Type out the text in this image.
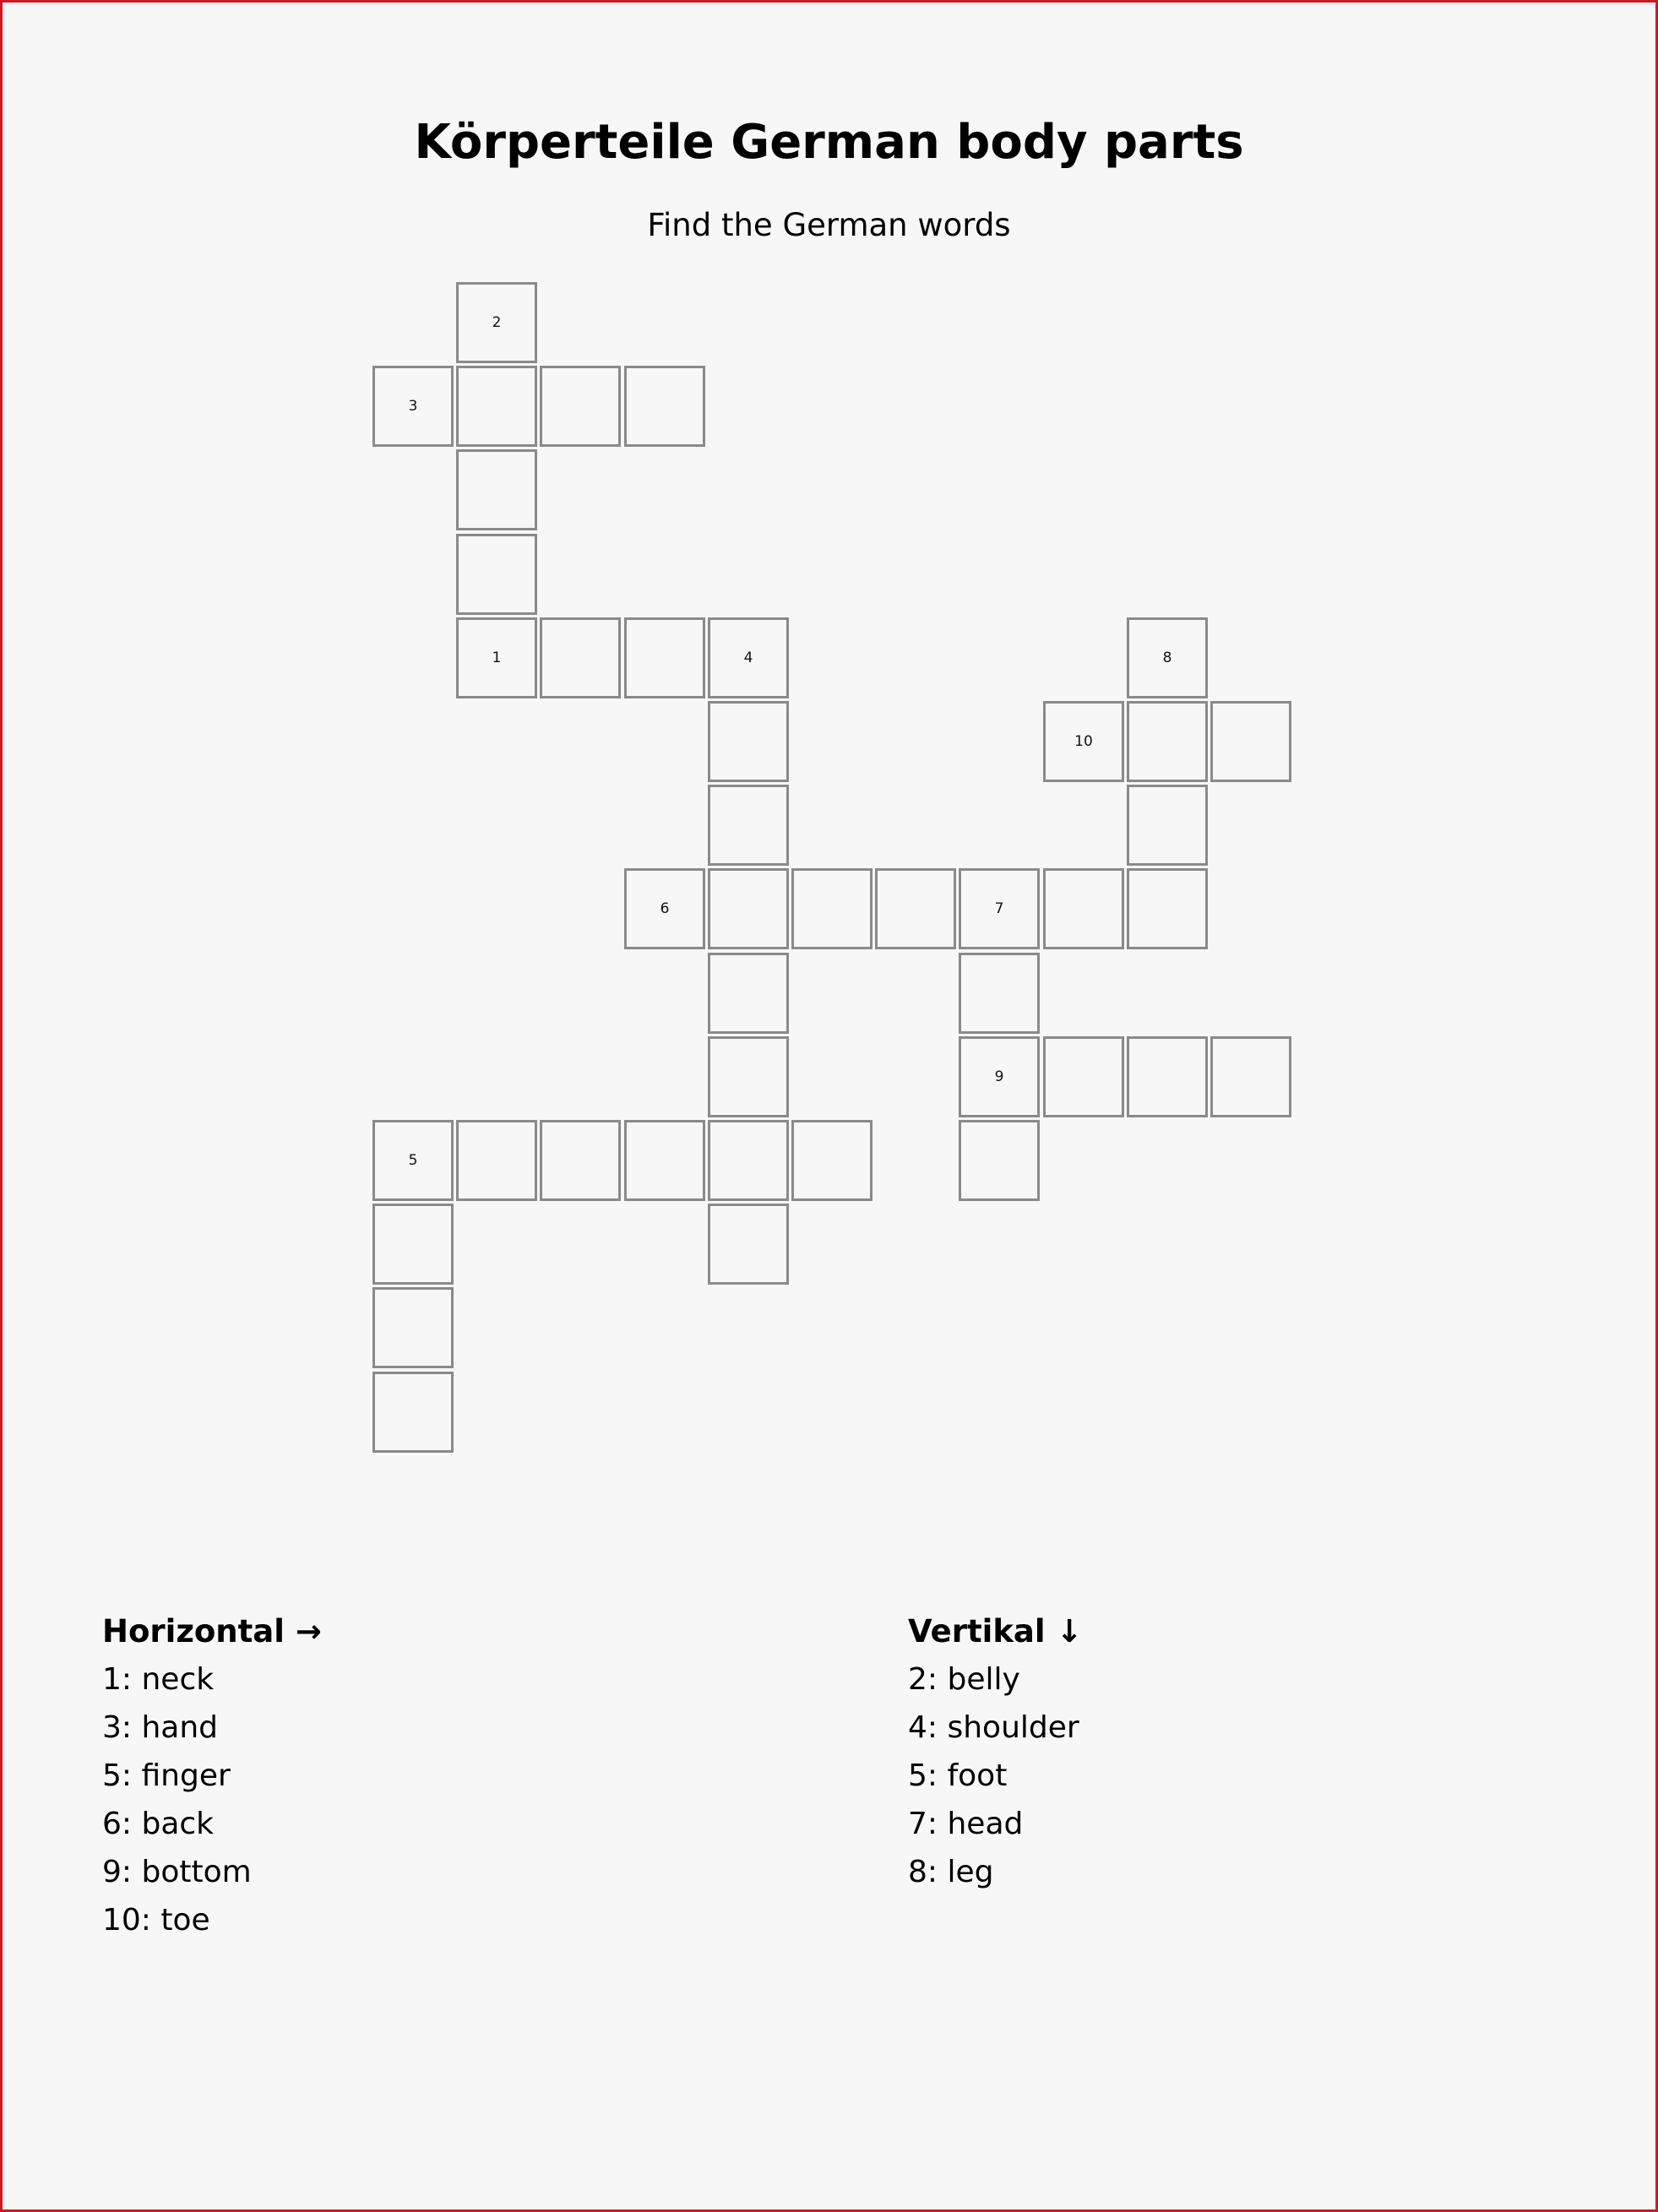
Körperteile German body parts
Find the German words
2
3
1	4	8
10
6	7
9
5
Horizontal →
1: neck
3: hand
5: finger
6: back
9: bottom
10: toe
Vertikal ↓
2: belly
4: shoulder
5: foot
7: head
8: leg
